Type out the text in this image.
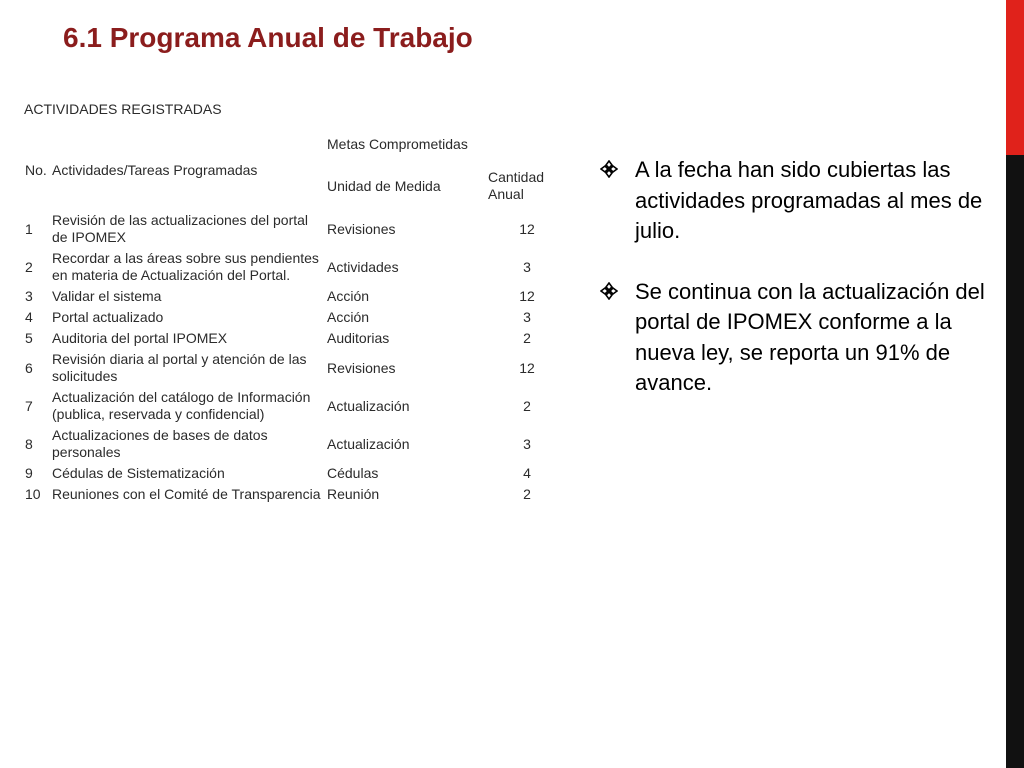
6.1 Programa Anual de Trabajo
ACTIVIDADES REGISTRADAS
		Metas Comprometidas	
No.	Actividades/Tareas Programadas	Unidad de Medida	Cantidad Anual
1	Revisión de las actualizaciones del portal de IPOMEX	Revisiones	12
2	Recordar a las áreas sobre sus pendientes en materia de Actualización del Portal.	Actividades	3
3	Validar el sistema	Acción	12
4	Portal actualizado	Acción	3
5	Auditoria del portal IPOMEX	Auditorias	2
6	Revisión diaria al portal y atención de las solicitudes	Revisiones	12
7	Actualización del catálogo de Información (publica, reservada y confidencial)	Actualización	2
8	Actualizaciones de bases de datos personales	Actualización	3
9	Cédulas de Sistematización	Cédulas	4
10	Reuniones con el Comité de Transparencia	Reunión	2
A la fecha han sido cubiertas las actividades programadas al mes de julio.
Se continua con la actualización del portal de IPOMEX conforme a la nueva ley, se reporta un 91% de avance.
